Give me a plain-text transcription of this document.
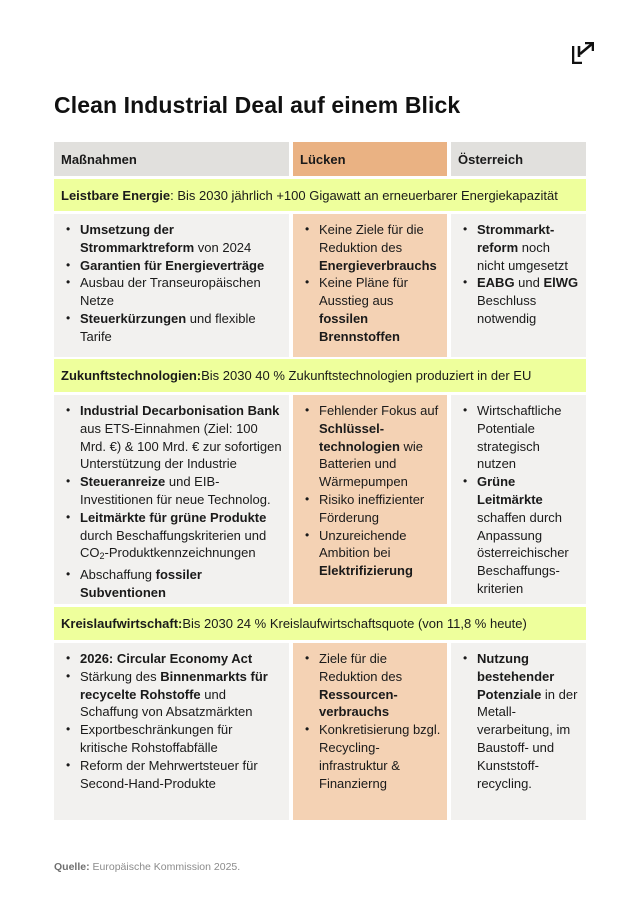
Clean Industrial Deal auf einem Blick
Maßnahmen	Lücken	Österreich
Leistbare Energie : Bis 2030 jährlich +100 Gigawatt an erneuerbarer Energiekapazität
• Umsetzung der Strommarktreform von 2024
• Garantien für Energieverträge
• Ausbau der Transeuropäischen Netze
• Steuerkürzungen und flexible Tarife
• Keine Ziele für die Reduktion des Energieverbrauchs
• Keine Pläne für Ausstieg aus fossilen Brennstoffen
• Strommarkt-reform noch nicht umgesetzt
• EABG und ElWG Beschluss notwendig
Zukunftstechnologien: Bis 2030 40 % Zukunftstechnologien produziert in der EU
• Industrial Decarbonisation Bank aus ETS-Einnahmen (Ziel: 100 Mrd. €) & 100 Mrd. € zur sofortigen Unterstützung der Industrie
• Steueranreize und EIB-Investitionen für neue Technolog.
• Leitmärkte für grüne Produkte durch Beschaffungskriterien und $CO_2$-Produktkennzeichnungen
• Abschaffung fossiler Subventionen
• Fehlender Fokus auf Schlüssel-technologien wie Batterien und Wärmepumpen
• Risiko ineffizienter Förderung
• Unzureichende Ambition bei Elektrifizierung
• Wirtschaftliche Potentiale strategisch nutzen
• Grüne Leitmärkte schaffen durch Anpassung österreichischer Beschaffungs-kriterien
Kreislaufwirtschaft: Bis 2030 24 % Kreislaufwirtschaftsquote (von 11,8 % heute)
• 2026: Circular Economy Act
• Stärkung des Binnenmarkts für recycelte Rohstoffe und Schaffung von Absatzmärkten
• Exportbeschränkungen für kritische Rohstoffabfälle
• Reform der Mehrwertsteuer für Second-Hand-Produkte
• Ziele für die Reduktion des Ressourcen-verbrauchs
• Konkretisierung bzgl. Recycling-infrastruktur & Finanzierng
• Nutzung bestehender Potenziale in der Metall-verarbeitung, im Baustoff- und Kunststoff-recycling.
Quelle: Europäische Kommission 2025.
